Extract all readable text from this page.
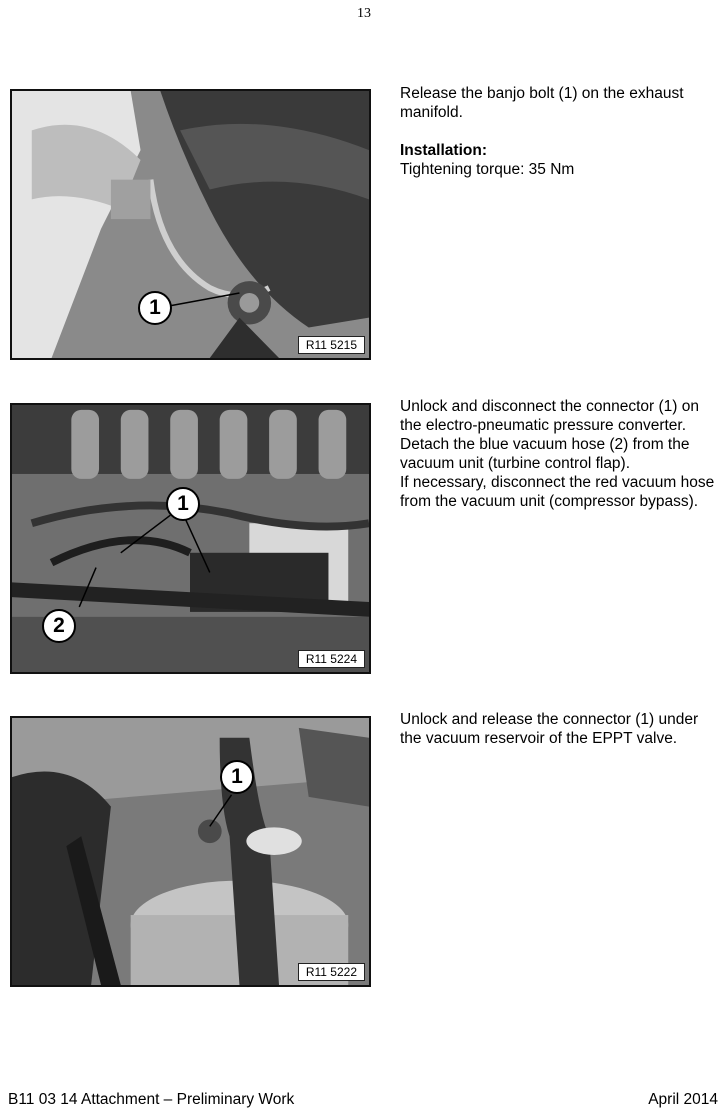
13
1
R11 5215

Release the banjo bolt (1) on the exhaust manifold.

Installation:

Tightening torque: 35 Nm

1
2
R11 5224

Unlock and disconnect the connector (1) on the electro-pneumatic pressure converter.

Detach the blue vacuum hose (2) from the vacuum unit (turbine control flap).

If necessary, disconnect the red vacuum hose from the vacuum unit (compressor bypass).

1
R11 5222

Unlock and release the connector (1) under the vacuum reservoir of the EPPT valve.

B11 03 14 Attachment – Preliminary Work	April 2014
